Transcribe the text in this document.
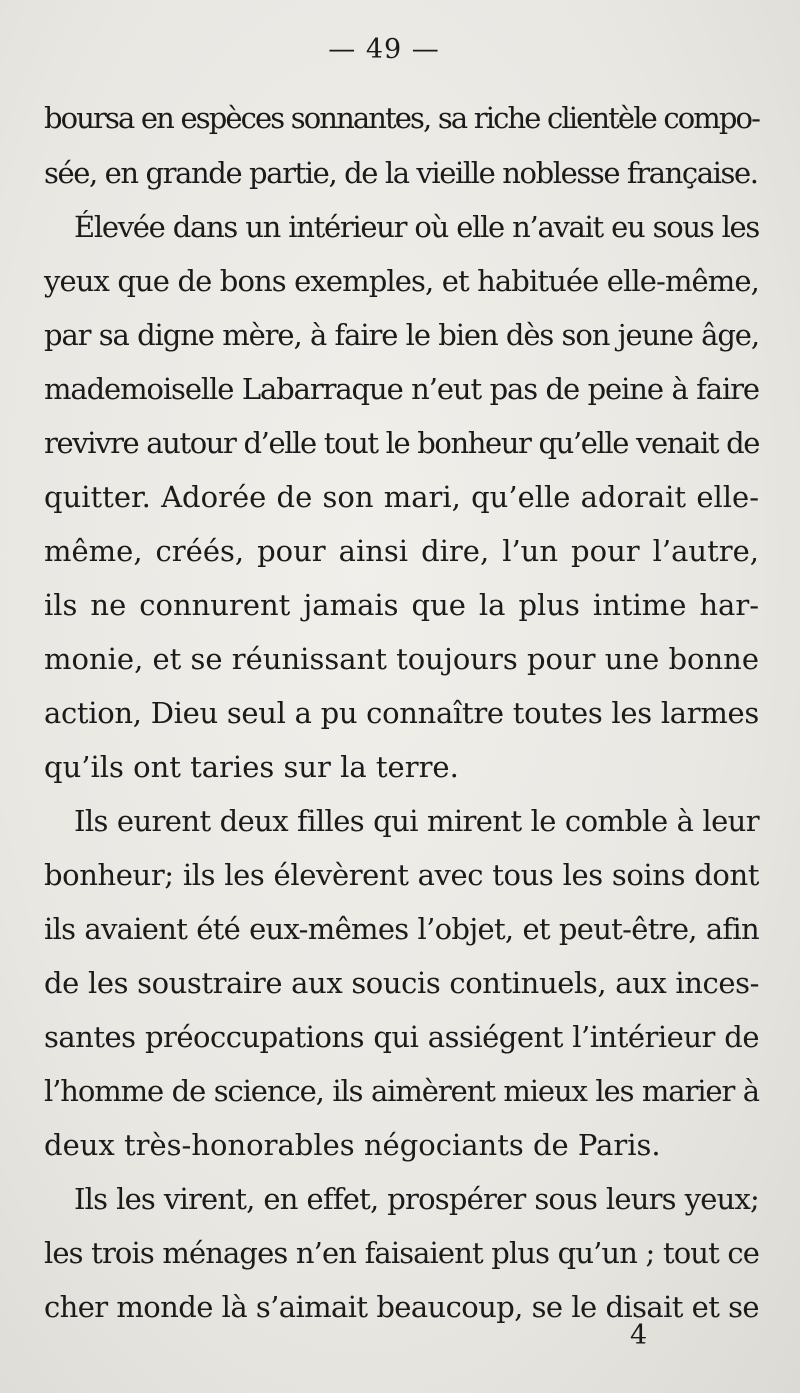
— 49 —
boursa en espèces sonnantes, sa riche clientèle compo-
sée, en grande partie, de la vieille noblesse française.
Élevée dans un intérieur où elle n’avait eu sous les
yeux que de bons exemples, et habituée elle-même,
par sa digne mère, à faire le bien dès son jeune âge,
mademoiselle Labarraque n’eut pas de peine à faire
revivre autour d’elle tout le bonheur qu’elle venait de
quitter. Adorée de son mari, qu’elle adorait elle-
même, créés, pour ainsi dire, l’un pour l’autre,
ils ne connurent jamais que la plus intime har-
monie, et se réunissant toujours pour une bonne
action, Dieu seul a pu connaître toutes les larmes
qu’ils ont taries sur la terre.
Ils eurent deux filles qui mirent le comble à leur
bonheur; ils les élevèrent avec tous les soins dont
ils avaient été eux-mêmes l’objet, et peut-être, afin
de les soustraire aux soucis continuels, aux inces-
santes préoccupations qui assiégent l’intérieur de
l’homme de science, ils aimèrent mieux les marier à
deux très-honorables négociants de Paris.
Ils les virent, en effet, prospérer sous leurs yeux;
les trois ménages n’en faisaient plus qu’un ; tout ce
cher monde là s’aimait beaucoup, se le disait et se
4
